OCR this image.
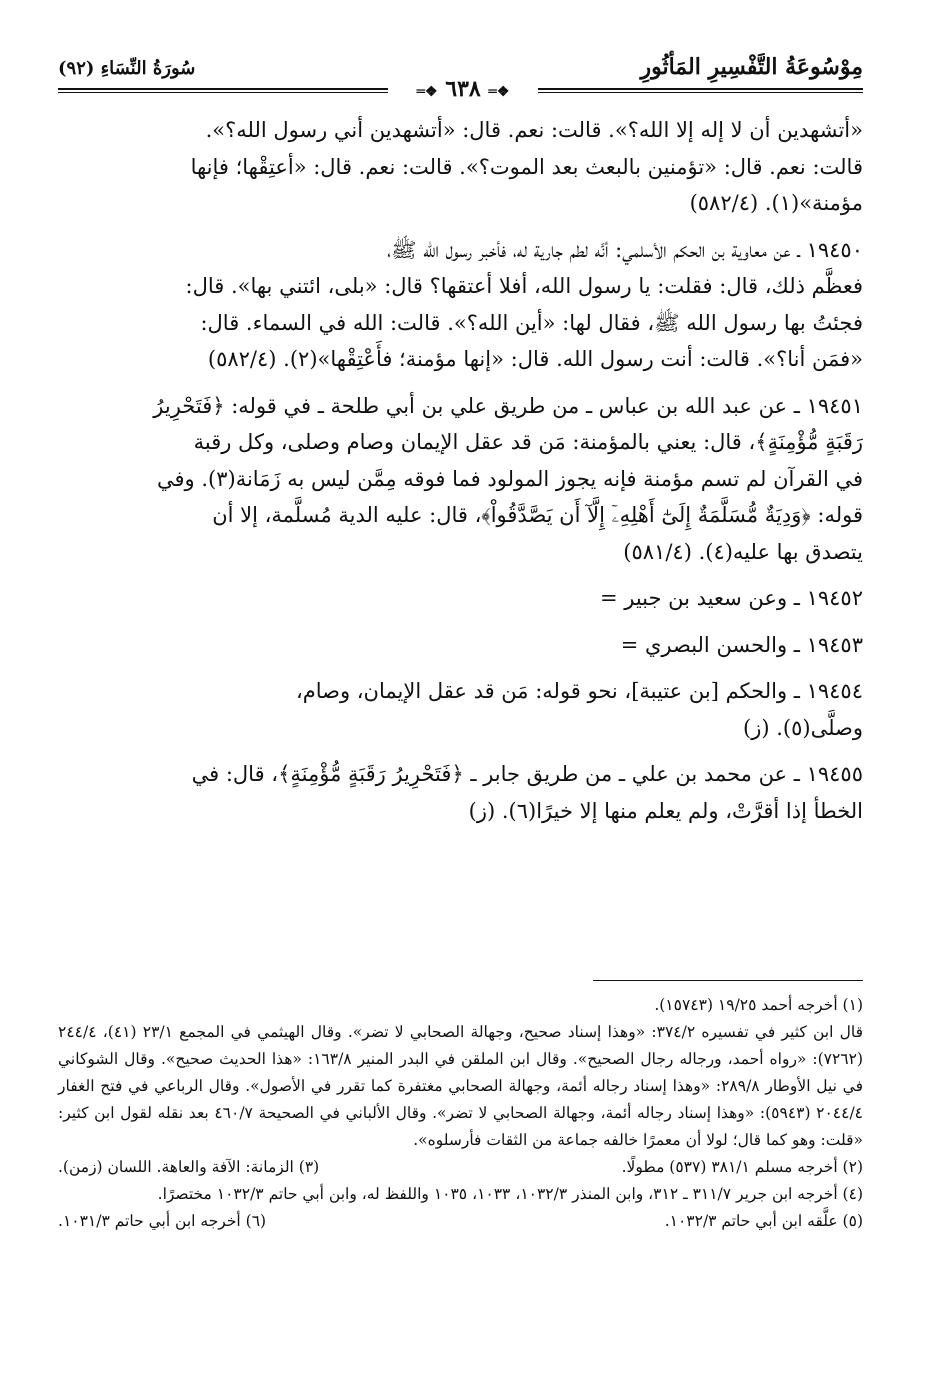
مِوْسُوعَةُ التَّفْسِيرِ المَأثُورِ
سُورَةُ النِّسَاءِ (٩٢)
❖═ ٦٣٨ ❖═
«أتشهدين أن لا إله إلا الله؟». قالت: نعم. قال: «أتشهدين أني رسول الله؟».
قالت: نعم. قال: «تؤمنين بالبعث بعد الموت؟». قالت: نعم. قال: «أعتِقْها؛ فإنها
مؤمنة»(١). (٥٨٢/٤)
١٩٤٥٠ ـ عن معاوية بن الحكم الأسلمي: أنَّه لطم جارية له، فأخبر رسول الله ﷺ،
فعظَّم ذلك، قال: فقلت: يا رسول الله، أفلا أعتقها؟ قال: «بلى، ائتني بها». قال:
فجئتُ بها رسول الله ﷺ، فقال لها: «أين الله؟». قالت: الله في السماء. قال:
«فمَن أنا؟». قالت: أنت رسول الله. قال: «إنها مؤمنة؛ فأَعْتِقْها»(٢). (٥٨٢/٤)
١٩٤٥١ ـ عن عبد الله بن عباس ـ من طريق علي بن أبي طلحة ـ في قوله: ﴿فَتَحْرِيرُ
رَقَبَةٍ مُّؤْمِنَةٍ﴾، قال: يعني بالمؤمنة: مَن قد عقل الإيمان وصام وصلى، وكل رقبة
في القرآن لم تسم مؤمنة فإنه يجوز المولود فما فوقه مِمَّن ليس به زَمَانة(٣). وفي
قوله: ﴿وَدِيَةٌ مُّسَلَّمَةٌ إِلَىٰٓ أَهْلِهِۦٓ إِلَّآ أَن يَصَّدَّقُواْ﴾، قال: عليه الدية مُسلَّمة، إلا أن
يتصدق بها عليه(٤). (٥٨١/٤)
١٩٤٥٢ ـ وعن سعيد بن جبير =
١٩٤٥٣ ـ والحسن البصري =
١٩٤٥٤ ـ والحكم [بن عتيبة]، نحو قوله: مَن قد عقل الإيمان، وصام،
وصلَّى(٥). (ز)
١٩٤٥٥ ـ عن محمد بن علي ـ من طريق جابر ـ ﴿فَتَحْرِيرُ رَقَبَةٍ مُّؤْمِنَةٍ﴾، قال: في
الخطأ إذا أقرَّتْ، ولم يعلم منها إلا خيرًا(٦). (ز)

(١) أخرجه أحمد ١٩/٢٥ (١٥٧٤٣).

قال ابن كثير في تفسيره ٣٧٤/٢: «وهذا إسناد صحيح، وجهالة الصحابي لا تضر». وقال الهيثمي في المجمع ٢٣/١ (٤١)، ٢٤٤/٤ (٧٢٦٢): «رواه أحمد، ورجاله رجال الصحيح». وقال ابن الملقن في البدر المنير ١٦٣/٨: «هذا الحديث صحيح». وقال الشوكاني في نيل الأوطار ٢٨٩/٨: «وهذا إسناد رجاله أئمة، وجهالة الصحابي مغتفرة كما تقرر في الأصول». وقال الرباعي في فتح الغفار ٢٠٤٤/٤ (٥٩٤٣): «وهذا إسناد رجاله أئمة، وجهالة الصحابي لا تضر». وقال الألباني في الصحيحة ٤٦٠/٧ بعد نقله لقول ابن كثير: «قلت: وهو كما قال؛ لولا أن معمرًا خالفه جماعة من الثقات فأرسلوه».

(٢) أخرجه مسلم ٣٨١/١ (٥٣٧) مطولًا.
(٣) الزمانة: الآفة والعاهة. اللسان (زمن).

(٤) أخرجه ابن جرير ٣١١/٧ ـ ٣١٢، وابن المنذر ١٠٣٢/٣، ١٠٣٣، ١٠٣٥ واللفظ له، وابن أبي حاتم ١٠٣٢/٣ مختصرًا.

(٥) علَّقه ابن أبي حاتم ١٠٣٢/٣.
(٦) أخرجه ابن أبي حاتم ١٠٣١/٣.
